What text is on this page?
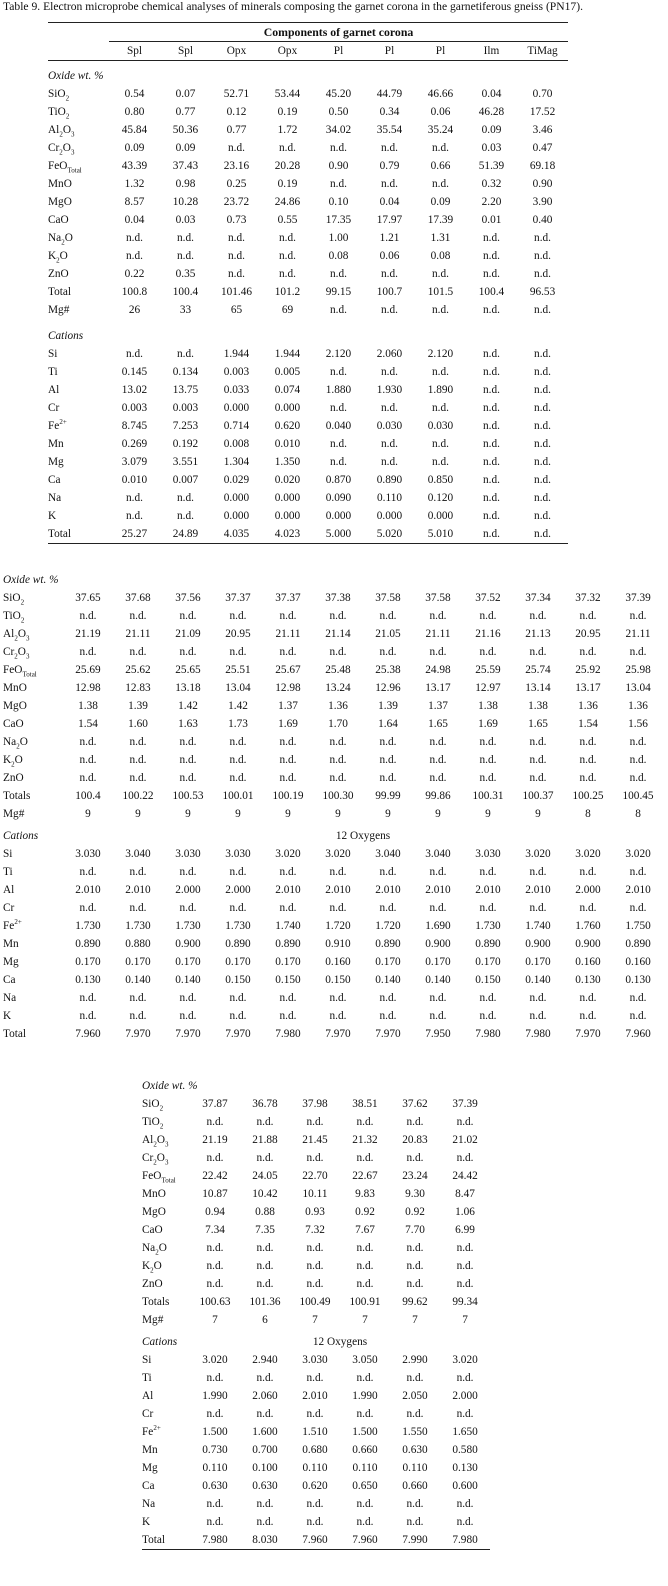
Table 9. Electron microprobe chemical analyses of minerals composing the garnet corona in the garnetiferous gneiss (PN17).
	Components of garnet corona								
	Spl	Spl	Opx	Opx	Pl	Pl	Pl	Ilm	TiMag

Oxide wt. %									
SiO$_2$	0.54	0.07	52.71	53.44	45.20	44.79	46.66	0.04	0.70
TiO$_2$	0.80	0.77	0.12	0.19	0.50	0.34	0.06	46.28	17.52
$Al_2O_3$	45.84	50.36	0.77	1.72	34.02	35.54	35.24	0.09	3.46
$Cr_2O_3$	0.09	0.09	n.d.	n.d.	n.d.	n.d.	n.d.	0.03	0.47
FeO$_{Total}$	43.39	37.43	23.16	20.28	0.90	0.79	0.66	51.39	69.18
MnO	1.32	0.98	0.25	0.19	n.d.	n.d.	n.d.	0.32	0.90
MgO	8.57	10.28	23.72	24.86	0.10	0.04	0.09	2.20	3.90
CaO	0.04	0.03	0.73	0.55	17.35	17.97	17.39	0.01	0.40
$Na_2O$	n.d.	n.d.	n.d.	n.d.	1.00	1.21	1.31	n.d.	n.d.
$K_2O$	n.d.	n.d.	n.d.	n.d.	0.08	0.06	0.08	n.d.	n.d.
ZnO	0.22	0.35	n.d.	n.d.	n.d.	n.d.	n.d.	n.d.	n.d.
Total	100.8	100.4	101.46	101.2	99.15	100.7	101.5	100.4	96.53
Mg#	26	33	65	69	n.d.	n.d.	n.d.	n.d.	n.d.

Cations									
Si	n.d.	n.d.	1.944	1.944	2.120	2.060	2.120	n.d.	n.d.
Ti	0.145	0.134	0.003	0.005	n.d.	n.d.	n.d.	n.d.	n.d.
Al	13.02	13.75	0.033	0.074	1.880	1.930	1.890	n.d.	n.d.
Cr	0.003	0.003	0.000	0.000	n.d.	n.d.	n.d.	n.d.	n.d.
$Fe^{2+}$	8.745	7.253	0.714	0.620	0.040	0.030	0.030	n.d.	n.d.
Mn	0.269	0.192	0.008	0.010	n.d.	n.d.	n.d.	n.d.	n.d.
Mg	3.079	3.551	1.304	1.350	n.d.	n.d.	n.d.	n.d.	n.d.
Ca	0.010	0.007	0.029	0.020	0.870	0.890	0.850	n.d.	n.d.
Na	n.d.	n.d.	0.000	0.000	0.090	0.110	0.120	n.d.	n.d.
K	n.d.	n.d.	0.000	0.000	0.000	0.000	0.000	n.d.	n.d.
Total	25.27	24.89	4.035	4.023	5.000	5.020	5.010	n.d.	n.d.
Oxide wt. %												
SiO$_2$	37.65	37.68	37.56	37.37	37.37	37.38	37.58	37.58	37.52	37.34	37.32	37.39
TiO$_2$	n.d.	n.d.	n.d.	n.d.	n.d.	n.d.	n.d.	n.d.	n.d.	n.d.	n.d.	n.d.
$Al_2O_3$	21.19	21.11	21.09	20.95	21.11	21.14	21.05	21.11	21.16	21.13	20.95	21.11
$Cr_2O_3$	n.d.	n.d.	n.d.	n.d.	n.d.	n.d.	n.d.	n.d.	n.d.	n.d.	n.d.	n.d.
FeO$_{Total}$	25.69	25.62	25.65	25.51	25.67	25.48	25.38	24.98	25.59	25.74	25.92	25.98
MnO	12.98	12.83	13.18	13.04	12.98	13.24	12.96	13.17	12.97	13.14	13.17	13.04
MgO	1.38	1.39	1.42	1.42	1.37	1.36	1.39	1.37	1.38	1.38	1.36	1.36
CaO	1.54	1.60	1.63	1.73	1.69	1.70	1.64	1.65	1.69	1.65	1.54	1.56
$Na_2O$	n.d.	n.d.	n.d.	n.d.	n.d.	n.d.	n.d.	n.d.	n.d.	n.d.	n.d.	n.d.
$K_2O$	n.d.	n.d.	n.d.	n.d.	n.d.	n.d.	n.d.	n.d.	n.d.	n.d.	n.d.	n.d.
ZnO	n.d.	n.d.	n.d.	n.d.	n.d.	n.d.	n.d.	n.d.	n.d.	n.d.	n.d.	n.d.
Totals	100.4	100.22	100.53	100.01	100.19	100.30	99.99	99.86	100.31	100.37	100.25	100.45
Mg#	9	9	9	9	9	9	9	9	9	9	8	8

Cations						12 Oxygens						
Si	3.030	3.040	3.030	3.030	3.020	3.020	3.040	3.040	3.030	3.020	3.020	3.020
Ti	n.d.	n.d.	n.d.	n.d.	n.d.	n.d.	n.d.	n.d.	n.d.	n.d.	n.d.	n.d.
Al	2.010	2.010	2.000	2.000	2.010	2.010	2.010	2.010	2.010	2.010	2.000	2.010
Cr	n.d.	n.d.	n.d.	n.d.	n.d.	n.d.	n.d.	n.d.	n.d.	n.d.	n.d.	n.d.
$Fe^{2+}$	1.730	1.730	1.730	1.730	1.740	1.720	1.720	1.690	1.730	1.740	1.760	1.750
Mn	0.890	0.880	0.900	0.890	0.890	0.910	0.890	0.900	0.890	0.900	0.900	0.890
Mg	0.170	0.170	0.170	0.170	0.170	0.160	0.170	0.170	0.170	0.170	0.160	0.160
Ca	0.130	0.140	0.140	0.150	0.150	0.150	0.140	0.140	0.150	0.140	0.130	0.130
Na	n.d.	n.d.	n.d.	n.d.	n.d.	n.d.	n.d.	n.d.	n.d.	n.d.	n.d.	n.d.
K	n.d.	n.d.	n.d.	n.d.	n.d.	n.d.	n.d.	n.d.	n.d.	n.d.	n.d.	n.d.
Total	7.960	7.970	7.970	7.970	7.980	7.970	7.970	7.950	7.980	7.980	7.970	7.960
Oxide wt. %						
SiO$_2$	37.87	36.78	37.98	38.51	37.62	37.39
TiO$_2$	n.d.	n.d.	n.d.	n.d.	n.d.	n.d.
$Al_2O_3$	21.19	21.88	21.45	21.32	20.83	21.02
$Cr_2O_3$	n.d.	n.d.	n.d.	n.d.	n.d.	n.d.
FeO$_{Total}$	22.42	24.05	22.70	22.67	23.24	24.42
MnO	10.87	10.42	10.11	9.83	9.30	8.47
MgO	0.94	0.88	0.93	0.92	0.92	1.06
CaO	7.34	7.35	7.32	7.67	7.70	6.99
$Na_2O$	n.d.	n.d.	n.d.	n.d.	n.d.	n.d.
$K_2O$	n.d.	n.d.	n.d.	n.d.	n.d.	n.d.
ZnO	n.d.	n.d.	n.d.	n.d.	n.d.	n.d.
Totals	100.63	101.36	100.49	100.91	99.62	99.34
Mg#	7	6	7	7	7	7

Cations			12 Oxygens			
Si	3.020	2.940	3.030	3.050	2.990	3.020
Ti	n.d.	n.d.	n.d.	n.d.	n.d.	n.d.
Al	1.990	2.060	2.010	1.990	2.050	2.000
Cr	n.d.	n.d.	n.d.	n.d.	n.d.	n.d.
$Fe^{2+}$	1.500	1.600	1.510	1.500	1.550	1.650
Mn	0.730	0.700	0.680	0.660	0.630	0.580
Mg	0.110	0.100	0.110	0.110	0.110	0.130
Ca	0.630	0.630	0.620	0.650	0.660	0.600
Na	n.d.	n.d.	n.d.	n.d.	n.d.	n.d.
K	n.d.	n.d.	n.d.	n.d.	n.d.	n.d.
Total	7.980	8.030	7.960	7.960	7.990	7.980
